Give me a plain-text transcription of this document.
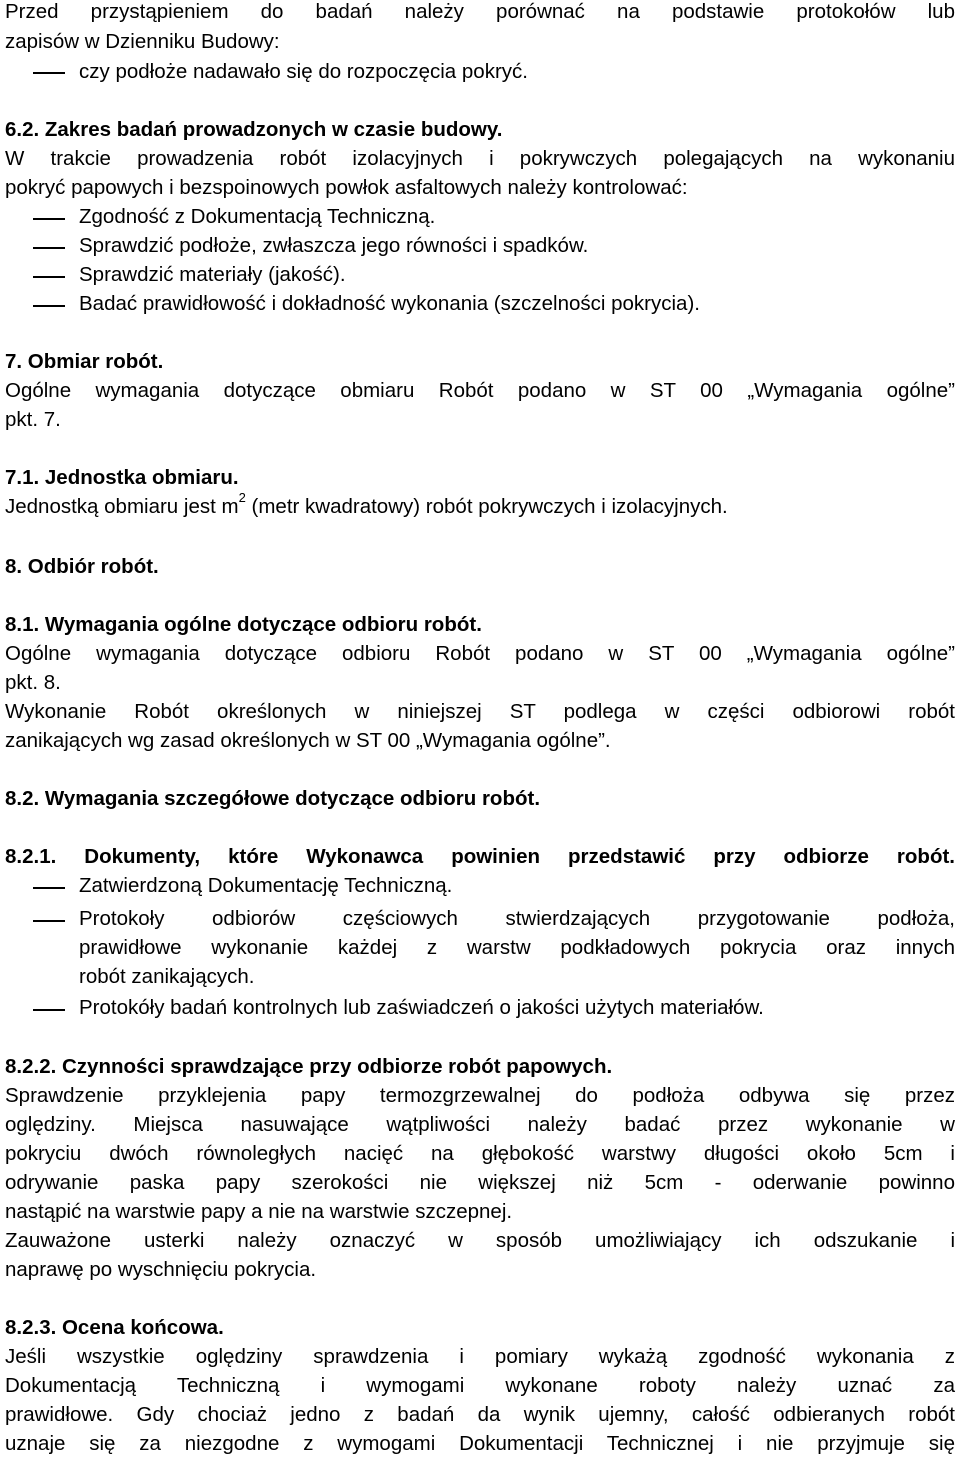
Przed przystąpieniem do badań należy porównać na podstawie protokołów lub
zapisów w Dzienniku Budowy:
czy podłoże nadawało się do rozpoczęcia pokryć.
6.2. Zakres badań prowadzonych w czasie budowy.
W trakcie prowadzenia robót izolacyjnych i pokrywczych polegających na wykonaniu
pokryć papowych i bezspoinowych powłok asfaltowych należy kontrolować:
Zgodność z Dokumentacją Techniczną.
Sprawdzić podłoże, zwłaszcza jego równości i spadków.
Sprawdzić materiały (jakość).
Badać prawidłowość i dokładność wykonania (szczelności pokrycia).
7. Obmiar robót.
Ogólne wymagania dotyczące obmiaru Robót podano w ST 00 „Wymagania ogólne”
pkt. 7.
7.1. Jednostka obmiaru.
Jednostką obmiaru jest $m^2$ (metr kwadratowy) robót pokrywczych i izolacyjnych.
8. Odbiór robót.
8.1. Wymagania ogólne dotyczące odbioru robót.
Ogólne wymagania dotyczące odbioru Robót podano w ST 00 „Wymagania ogólne”
pkt. 8.
Wykonanie Robót określonych w niniejszej ST podlega w części odbiorowi robót
zanikających wg zasad określonych w ST 00 „Wymagania ogólne”.
8.2. Wymagania szczegółowe dotyczące odbioru robót.
8.2.1. Dokumenty, które Wykonawca powinien przedstawić przy odbiorze robót.
Zatwierdzoną Dokumentację Techniczną.
Protokoły odbiorów częściowych stwierdzających przygotowanie podłoża,
prawidłowe wykonanie każdej z warstw podkładowych pokrycia oraz innych
robót zanikających.
Protokóły badań kontrolnych lub zaświadczeń o jakości użytych materiałów.
8.2.2. Czynności sprawdzające przy odbiorze robót papowych.
Sprawdzenie przyklejenia papy termozgrzewalnej do podłoża odbywa się przez
oględziny. Miejsca nasuwające wątpliwości należy badać przez wykonanie w
pokryciu dwóch równoległych nacięć na głębokość warstwy długości około 5cm i
odrywanie paska papy szerokości nie większej niż 5cm - oderwanie powinno
nastąpić na warstwie papy a nie na warstwie szczepnej.
Zauważone usterki należy oznaczyć w sposób umożliwiający ich odszukanie i
naprawę po wyschnięciu pokrycia.
8.2.3. Ocena końcowa.
Jeśli wszystkie oględziny sprawdzenia i pomiary wykażą zgodność wykonania z
Dokumentacją Techniczną i wymogami wykonane roboty należy uznać za
prawidłowe. Gdy chociaż jedno z badań da wynik ujemny, całość odbieranych robót
uznaje się za niezgodne z wymogami Dokumentacji Technicznej i nie przyjmuje się
